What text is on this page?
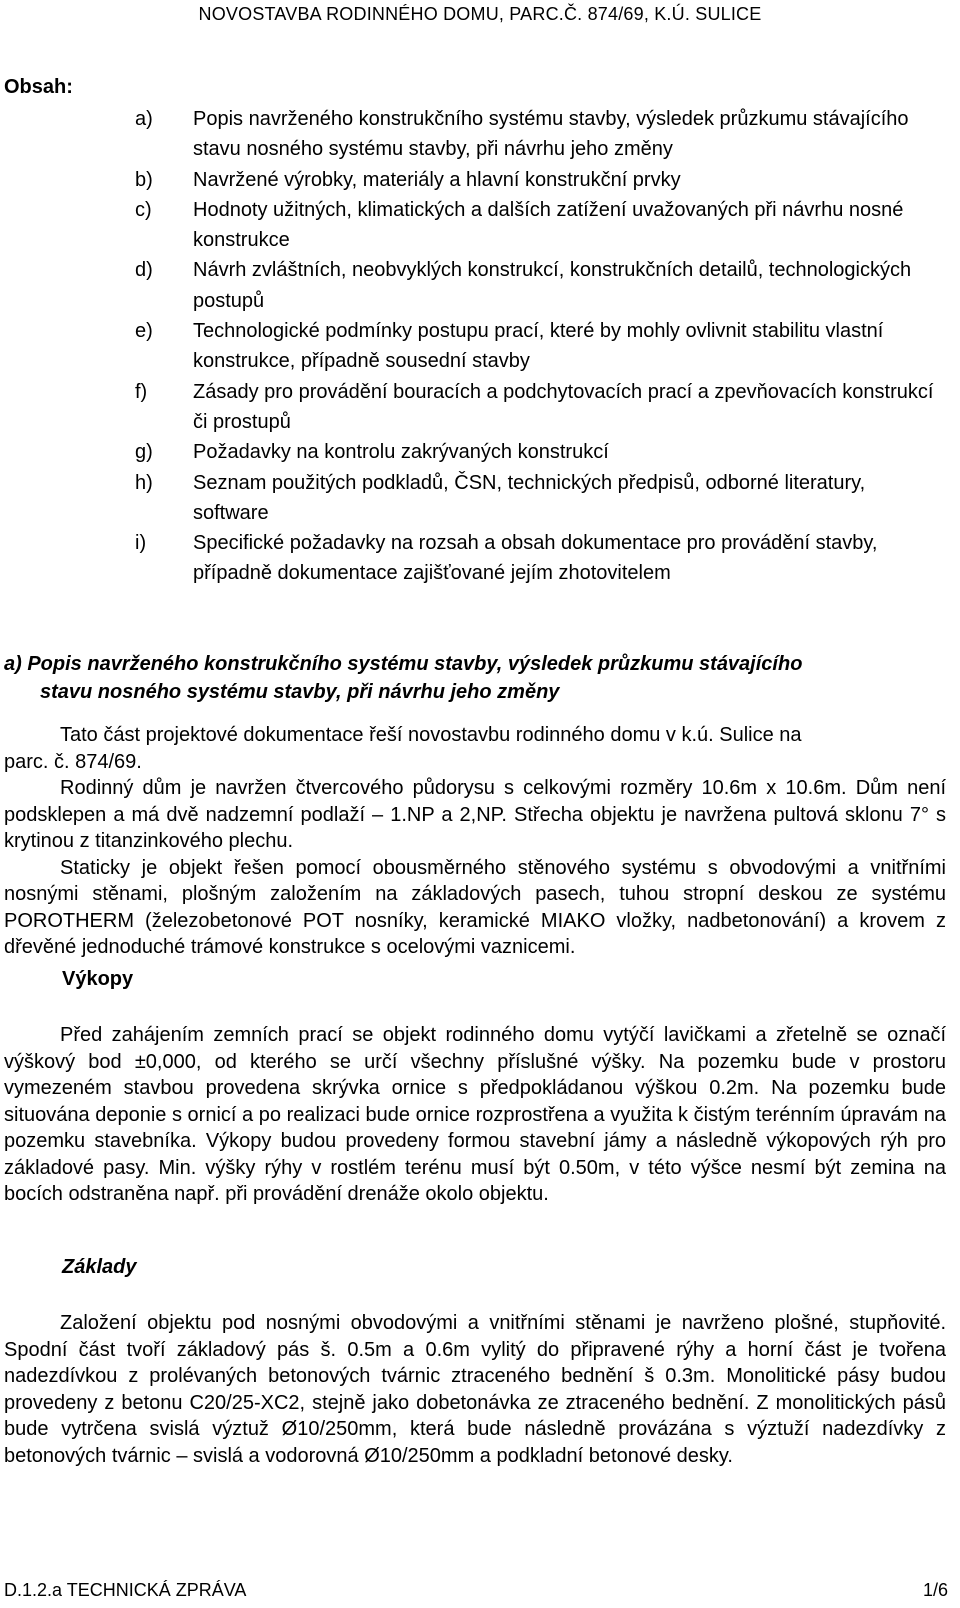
NOVOSTAVBA RODINNÉHO DOMU, PARC.Č. 874/69, K.Ú. SULICE
Obsah:
a)	Popis navrženého konstrukčního systému stavby, výsledek průzkumu stávajícího stavu nosného systému stavby, při návrhu jeho změny
b)	Navržené výrobky, materiály a hlavní konstrukční prvky
c)	Hodnoty užitných, klimatických a dalších zatížení uvažovaných při návrhu nosné konstrukce
d)	Návrh zvláštních, neobvyklých konstrukcí, konstrukčních detailů, technologických postupů
e)	Technologické podmínky postupu prací, které by mohly ovlivnit stabilitu vlastní konstrukce, případně sousední stavby
f)	Zásady pro provádění bouracích a podchytovacích prací a zpevňovacích konstrukcí či prostupů
g)	Požadavky na kontrolu zakrývaných konstrukcí
h)	Seznam použitých podkladů, ČSN, technických předpisů, odborné literatury, software
i)	Specifické požadavky na rozsah a obsah dokumentace pro provádění stavby, případně dokumentace zajišťované jejím zhotovitelem
a) Popis navrženého konstrukčního systému stavby, výsledek průzkumu stávajícího
stavu nosného systému stavby, při návrhu jeho změny
Tato část projektové dokumentace řeší novostavbu rodinného domu v k.ú. Sulice na
parc. č. 874/69.

Rodinný dům je navržen čtvercového půdorysu s celkovými rozměry 10.6m x 10.6m. Dům není podsklepen a má dvě nadzemní podlaží – 1.NP a 2,NP. Střecha objektu je navržena pultová sklonu 7° s krytinou z titanzinkového plechu.

Staticky je objekt řešen pomocí obousměrného stěnového systému s obvodovými a vnitřními nosnými stěnami, plošným založením na základových pasech, tuhou stropní deskou ze systému POROTHERM (železobetonové POT nosníky, keramické MIAKO vložky, nadbetonování) a krovem z dřevěné jednoduché trámové konstrukce s ocelovými vaznicemi.

Výkopy

Před zahájením zemních prací se objekt rodinného domu vytýčí lavičkami a zřetelně se označí výškový bod ±0,000, od kterého se určí všechny příslušné výšky. Na pozemku bude v prostoru vymezeném stavbou provedena skrývka ornice s předpokládanou výškou 0.2m. Na pozemku bude situována deponie s ornicí a po realizaci bude ornice rozprostřena a využita k čistým terénním úpravám na pozemku stavebníka. Výkopy budou provedeny formou stavební jámy a následně výkopových rýh pro základové pasy. Min. výšky rýhy v rostlém terénu musí být 0.50m, v této výšce nesmí být zemina na bocích odstraněna např. při provádění drenáže okolo objektu.

Základy

Založení objektu pod nosnými obvodovými a vnitřními stěnami je navrženo plošné, stupňovité. Spodní část tvoří základový pás š. 0.5m a 0.6m vylitý do připravené rýhy a horní část je tvořena nadezdívkou z prolévaných betonových tvárnic ztraceného bednění š 0.3m. Monolitické pásy budou provedeny z betonu C20/25-XC2, stejně jako dobetonávka ze ztraceného bednění. Z monolitických pásů bude vytrčena svislá výztuž Ø10/250mm, která bude následně provázána s výztuží nadezdívky z betonových tvárnic – svislá a vodorovná Ø10/250mm a podkladní betonové desky.

D.1.2.a TECHNICKÁ ZPRÁVA	1/6
